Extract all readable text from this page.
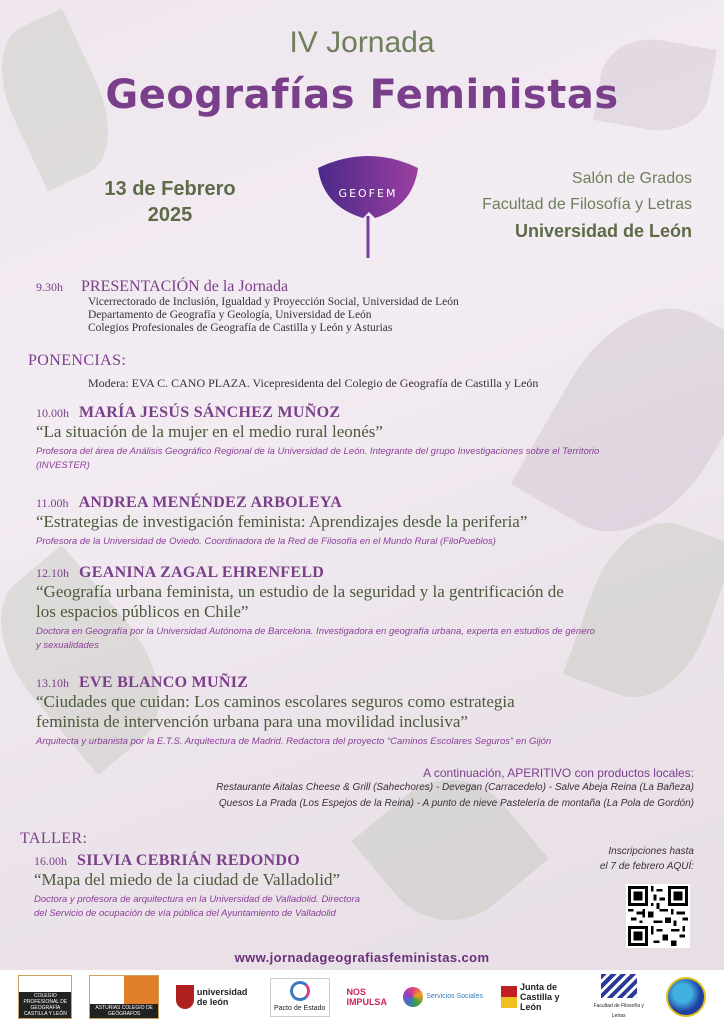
IV Jornada
Geografías Feministas
13 de Febrero
2025
GEOFEM
Salón de Grados
Facultad de Filosofía y Letras
Universidad de León
9.30h PRESENTACIÓN de la Jornada
Vicerrectorado de Inclusión, Igualdad y Proyección Social, Universidad de León
Departamento de Geografía y Geología, Universidad de León
Colegios Profesionales de Geografía de Castilla y León y Asturias
PONENCIAS:
Modera: EVA C. CANO PLAZA. Vicepresidenta del Colegio de Geografía de Castilla y León
10.00h MARÍA JESÚS SÁNCHEZ MUÑOZ
“La situación de la mujer en el medio rural leonés”
Profesora del área de Análisis Geográfico Regional de la Universidad de León. Integrante del grupo Investigaciones sobre el Territorio
(INVESTER)
11.00h ANDREA MENÉNDEZ ARBOLEYA
“Estrategias de investigación feminista: Aprendizajes desde la periferia”
Profesora de la Universidad de Oviedo. Coordinadora de la Red de Filosofía en el Mundo Rural (FiloPueblos)
12.10h GEANINA ZAGAL EHRENFELD
“Geografía urbana feminista, un estudio de la seguridad y la gentrificación de
los espacios públicos en Chile”
Doctora en Geografía por la Universidad Autónoma de Barcelona. Investigadora en geografía urbana, experta en estudios de género
y sexualidades
13.10h EVE BLANCO MUÑIZ
“Ciudades que cuidan: Los caminos escolares seguros como estrategia
feminista de intervención urbana para una movilidad inclusiva”
Arquitecta y urbanista por la E.T.S. Arquitectura de Madrid. Redactora del proyecto “Caminos Escolares Seguros” en Gijón
A continuación, APERITIVO con productos locales:
Restaurante Aitalas Cheese & Grill (Sahechores) - Devegan (Carracedelo) - Salve Abeja Reina (La Bañeza)
Quesos La Prada (Los Espejos de la Reina) - A punto de nieve Pastelería de montaña (La Pola de Gordón)
TALLER:
16.00h SILVIA CEBRIÁN REDONDO
“Mapa del miedo de la ciudad de Valladolid”
Doctora y profesora de arquitectura en la Universidad de Valladolid. Directora
del Servicio de ocupación de vía pública del Ayuntamiento de Valladolid
Inscripciones hasta
el 7 de febrero AQUÍ:
www.jornadageografiasfeministas.com
COLEGIO PROFESIONAL DE GEOGRAFÍA CASTILLA Y LEÓN
ASTURIAS COLEGIO DE GEÓGRAFOS
universidad de león
Pacto de Estado
NOS IMPULSA
Servicios Sociales
Junta de Castilla y León	Facultad de Filosofía y Letras
